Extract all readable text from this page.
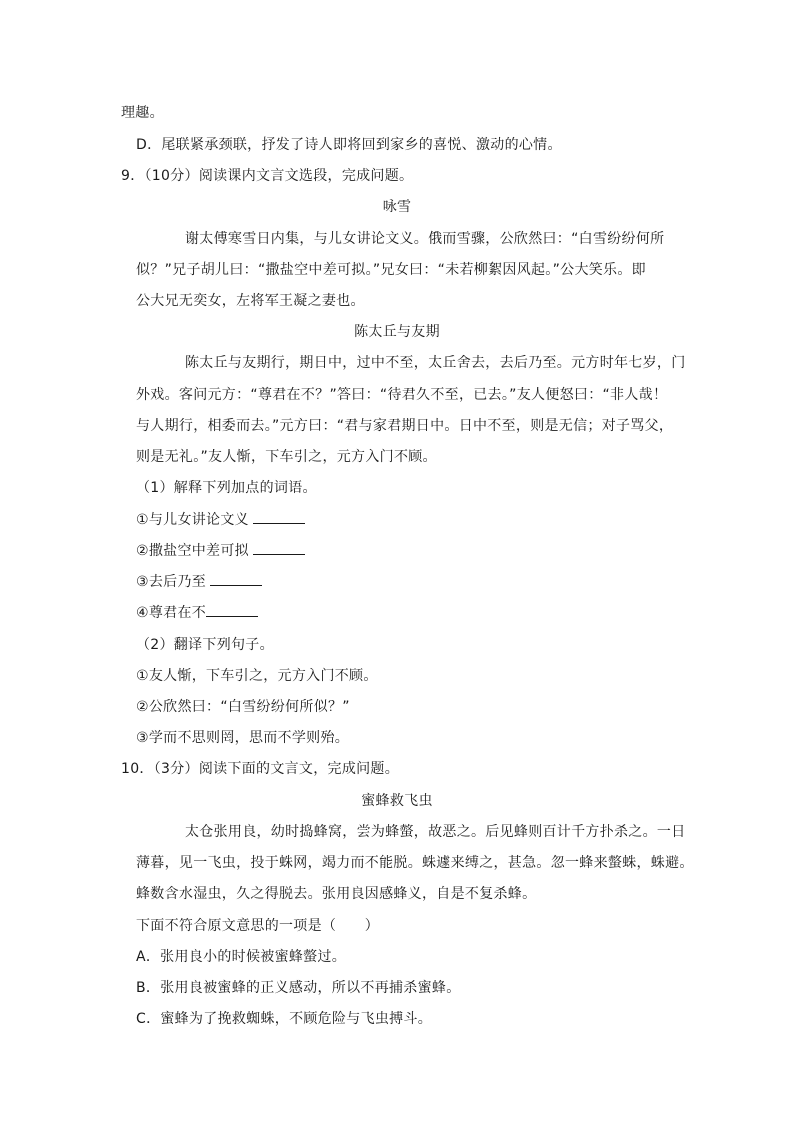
理趣。
D．尾联紧承颈联，抒发了诗人即将回到家乡的喜悦、激动的心情。
9．（10分）阅读课内文言文选段，完成问题。
咏雪
谢太傅寒雪日内集，与儿女讲论文义。俄而雪骤，公欣然曰：“白雪纷纷何所
似？”兄子胡儿曰：“撒盐空中差可拟。”兄女曰：“未若柳絮因风起。”公大笑乐。即
公大兄无奕女，左将军王凝之妻也。
陈太丘与友期
陈太丘与友期行，期日中，过中不至，太丘舍去，去后乃至。元方时年七岁，门
外戏。客问元方：“尊君在不？”答曰：“待君久不至，已去。”友人便怒曰：“非人哉！
与人期行，相委而去。”元方曰：“君与家君期日中。日中不至，则是无信；对子骂父，
则是无礼。”友人惭，下车引之，元方入门不顾。
（1）解释下列加点的词语。
①与儿女讲论文义
②撒盐空中差可拟
③去后乃至
④尊君在不
（2）翻译下列句子。
①友人惭，下车引之，元方入门不顾。
②公欣然曰：“白雪纷纷何所似？”
③学而不思则罔，思而不学则殆。
10．（3分）阅读下面的文言文，完成问题。
蜜蜂救飞虫
太仓张用良，幼时捣蜂窝，尝为蜂螫，故恶之。后见蜂则百计千方扑杀之。一日
薄暮，见一飞虫，投于蛛网，竭力而不能脱。蛛遽来缚之，甚急。忽一蜂来螫蛛，蛛避。
蜂数含水湿虫，久之得脱去。张用良因感蜂义，自是不复杀蜂。
下面不符合原文意思的一项是（　　）
A．张用良小的时候被蜜蜂螫过。
B．张用良被蜜蜂的正义感动，所以不再捕杀蜜蜂。
C．蜜蜂为了挽救蜘蛛，不顾危险与飞虫搏斗。
